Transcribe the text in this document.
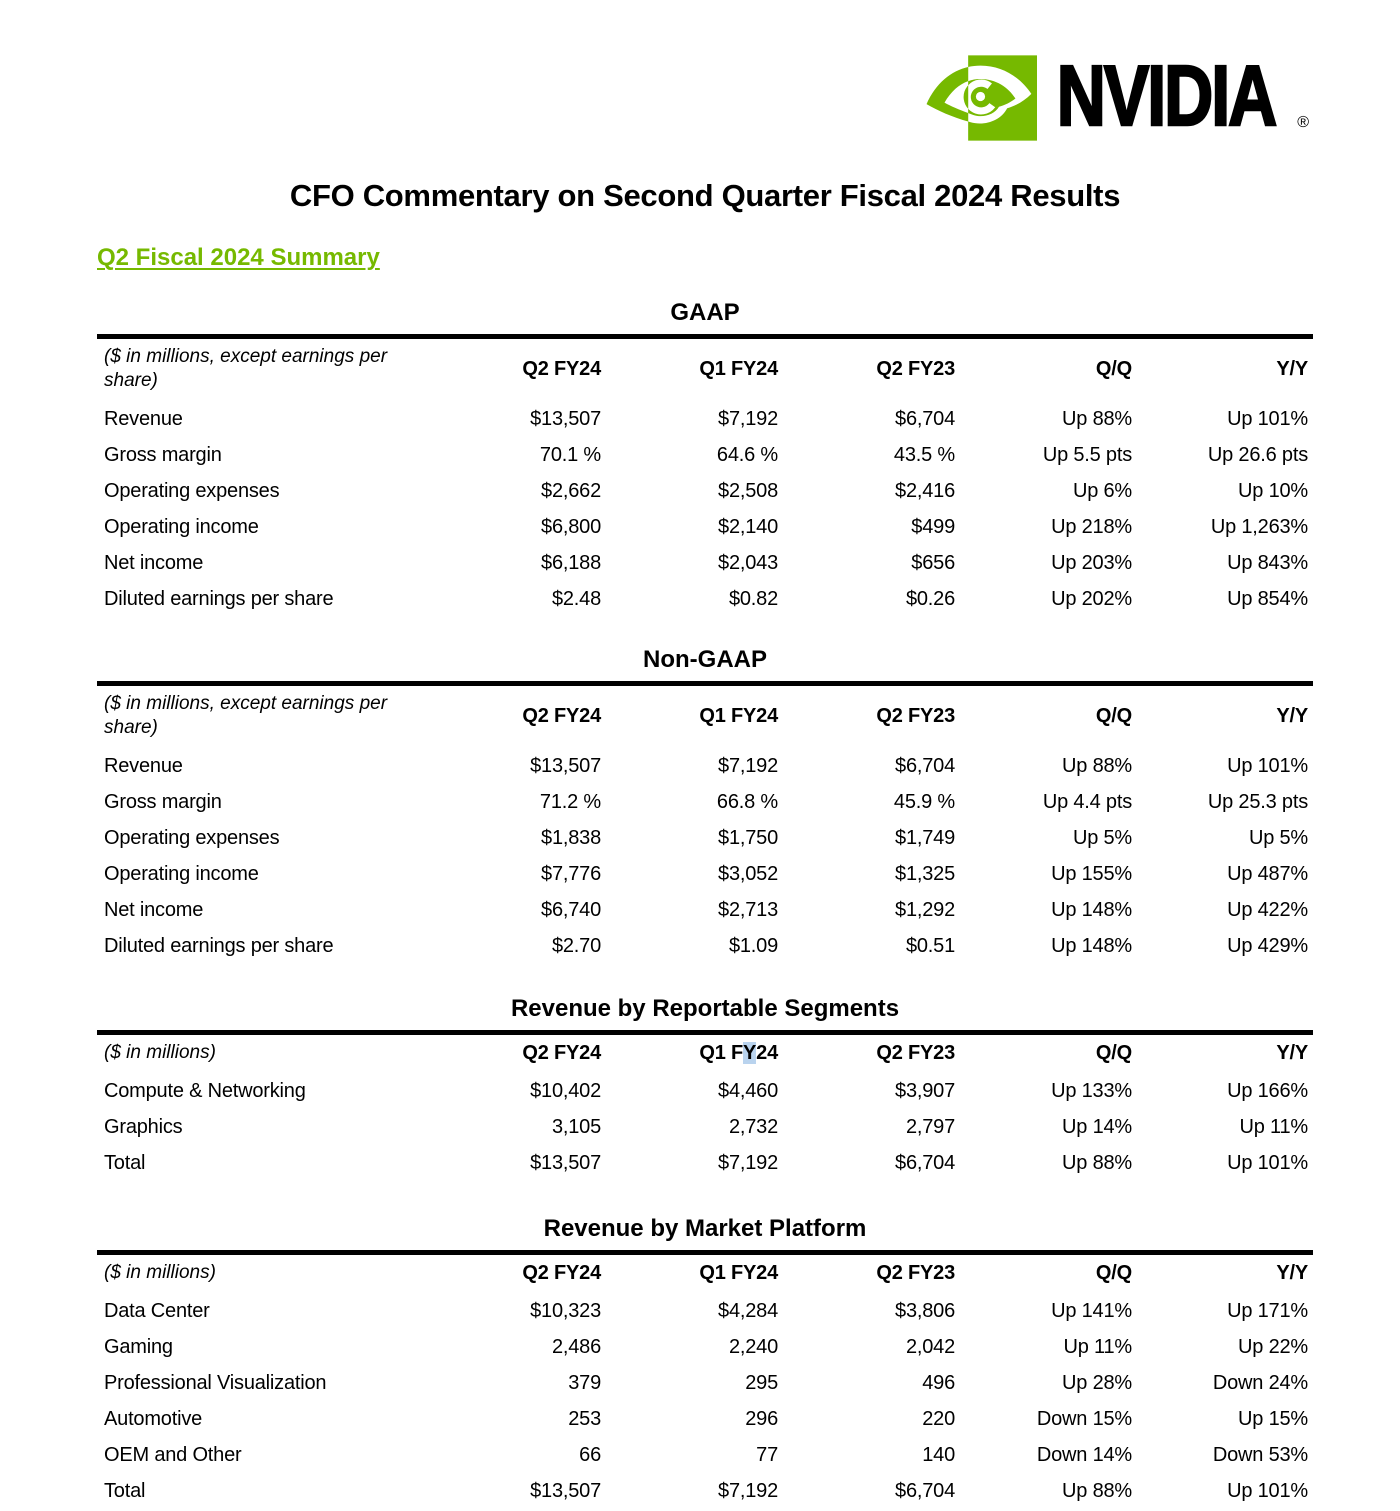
NVIDIA ®
CFO Commentary on Second Quarter Fiscal 2024 Results
Q2 Fiscal 2024 Summary
GAAP
($ in millions, except earnings per share)	Q2 FY24	Q1 FY24	Q2 FY23	Q/Q	Y/Y
Revenue	$13,507	$7,192	$6,704	Up 88%	Up 101%
Gross margin	70.1 %	64.6 %	43.5 %	Up 5.5 pts	Up 26.6 pts
Operating expenses	$2,662	$2,508	$2,416	Up 6%	Up 10%
Operating income	$6,800	$2,140	$499	Up 218%	Up 1,263%
Net income	$6,188	$2,043	$656	Up 203%	Up 843%
Diluted earnings per share	$2.48	$0.82	$0.26	Up 202%	Up 854%
Non-GAAP
($ in millions, except earnings per share)	Q2 FY24	Q1 FY24	Q2 FY23	Q/Q	Y/Y
Revenue	$13,507	$7,192	$6,704	Up 88%	Up 101%
Gross margin	71.2 %	66.8 %	45.9 %	Up 4.4 pts	Up 25.3 pts
Operating expenses	$1,838	$1,750	$1,749	Up 5%	Up 5%
Operating income	$7,776	$3,052	$1,325	Up 155%	Up 487%
Net income	$6,740	$2,713	$1,292	Up 148%	Up 422%
Diluted earnings per share	$2.70	$1.09	$0.51	Up 148%	Up 429%
Revenue by Reportable Segments
($ in millions)	Q2 FY24	Q1 FY24	Q2 FY23	Q/Q	Y/Y
Compute & Networking	$10,402	$4,460	$3,907	Up 133%	Up 166%
Graphics	3,105	2,732	2,797	Up 14%	Up 11%
Total	$13,507	$7,192	$6,704	Up 88%	Up 101%
Revenue by Market Platform
($ in millions)	Q2 FY24	Q1 FY24	Q2 FY23	Q/Q	Y/Y
Data Center	$10,323	$4,284	$3,806	Up 141%	Up 171%
Gaming	2,486	2,240	2,042	Up 11%	Up 22%
Professional Visualization	379	295	496	Up 28%	Down 24%
Automotive	253	296	220	Down 15%	Up 15%
OEM and Other	66	77	140	Down 14%	Down 53%
Total	$13,507	$7,192	$6,704	Up 88%	Up 101%
